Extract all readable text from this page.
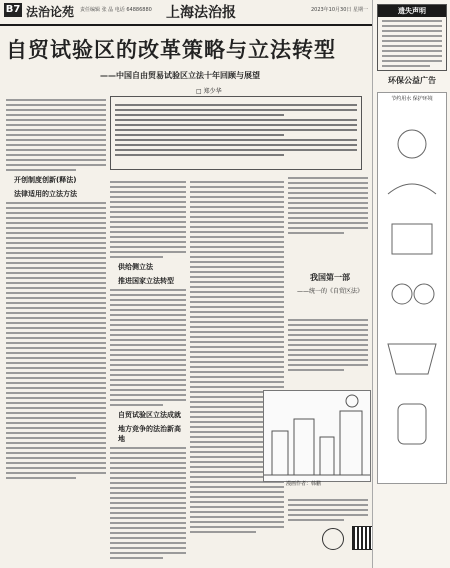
B7 法治论苑 责任编辑 张 晶 电话 64886880 上海法治报	2023年10月30日 星期一
自贸试验区的改革策略与立法转型
——中国自由贸易试验区立法十年回顾与展望
□ 郑少华
开创制度创新(释法)
法律适用的立法方法
供给侧立法
推进国家立法转型
自贸试验区立法成就
地方竞争的法治新高地
我国第一部
——统一的《自贸区法》
漫画作者：韩鹏
遗失声明
环保公益广告
节约用水 保护环境
